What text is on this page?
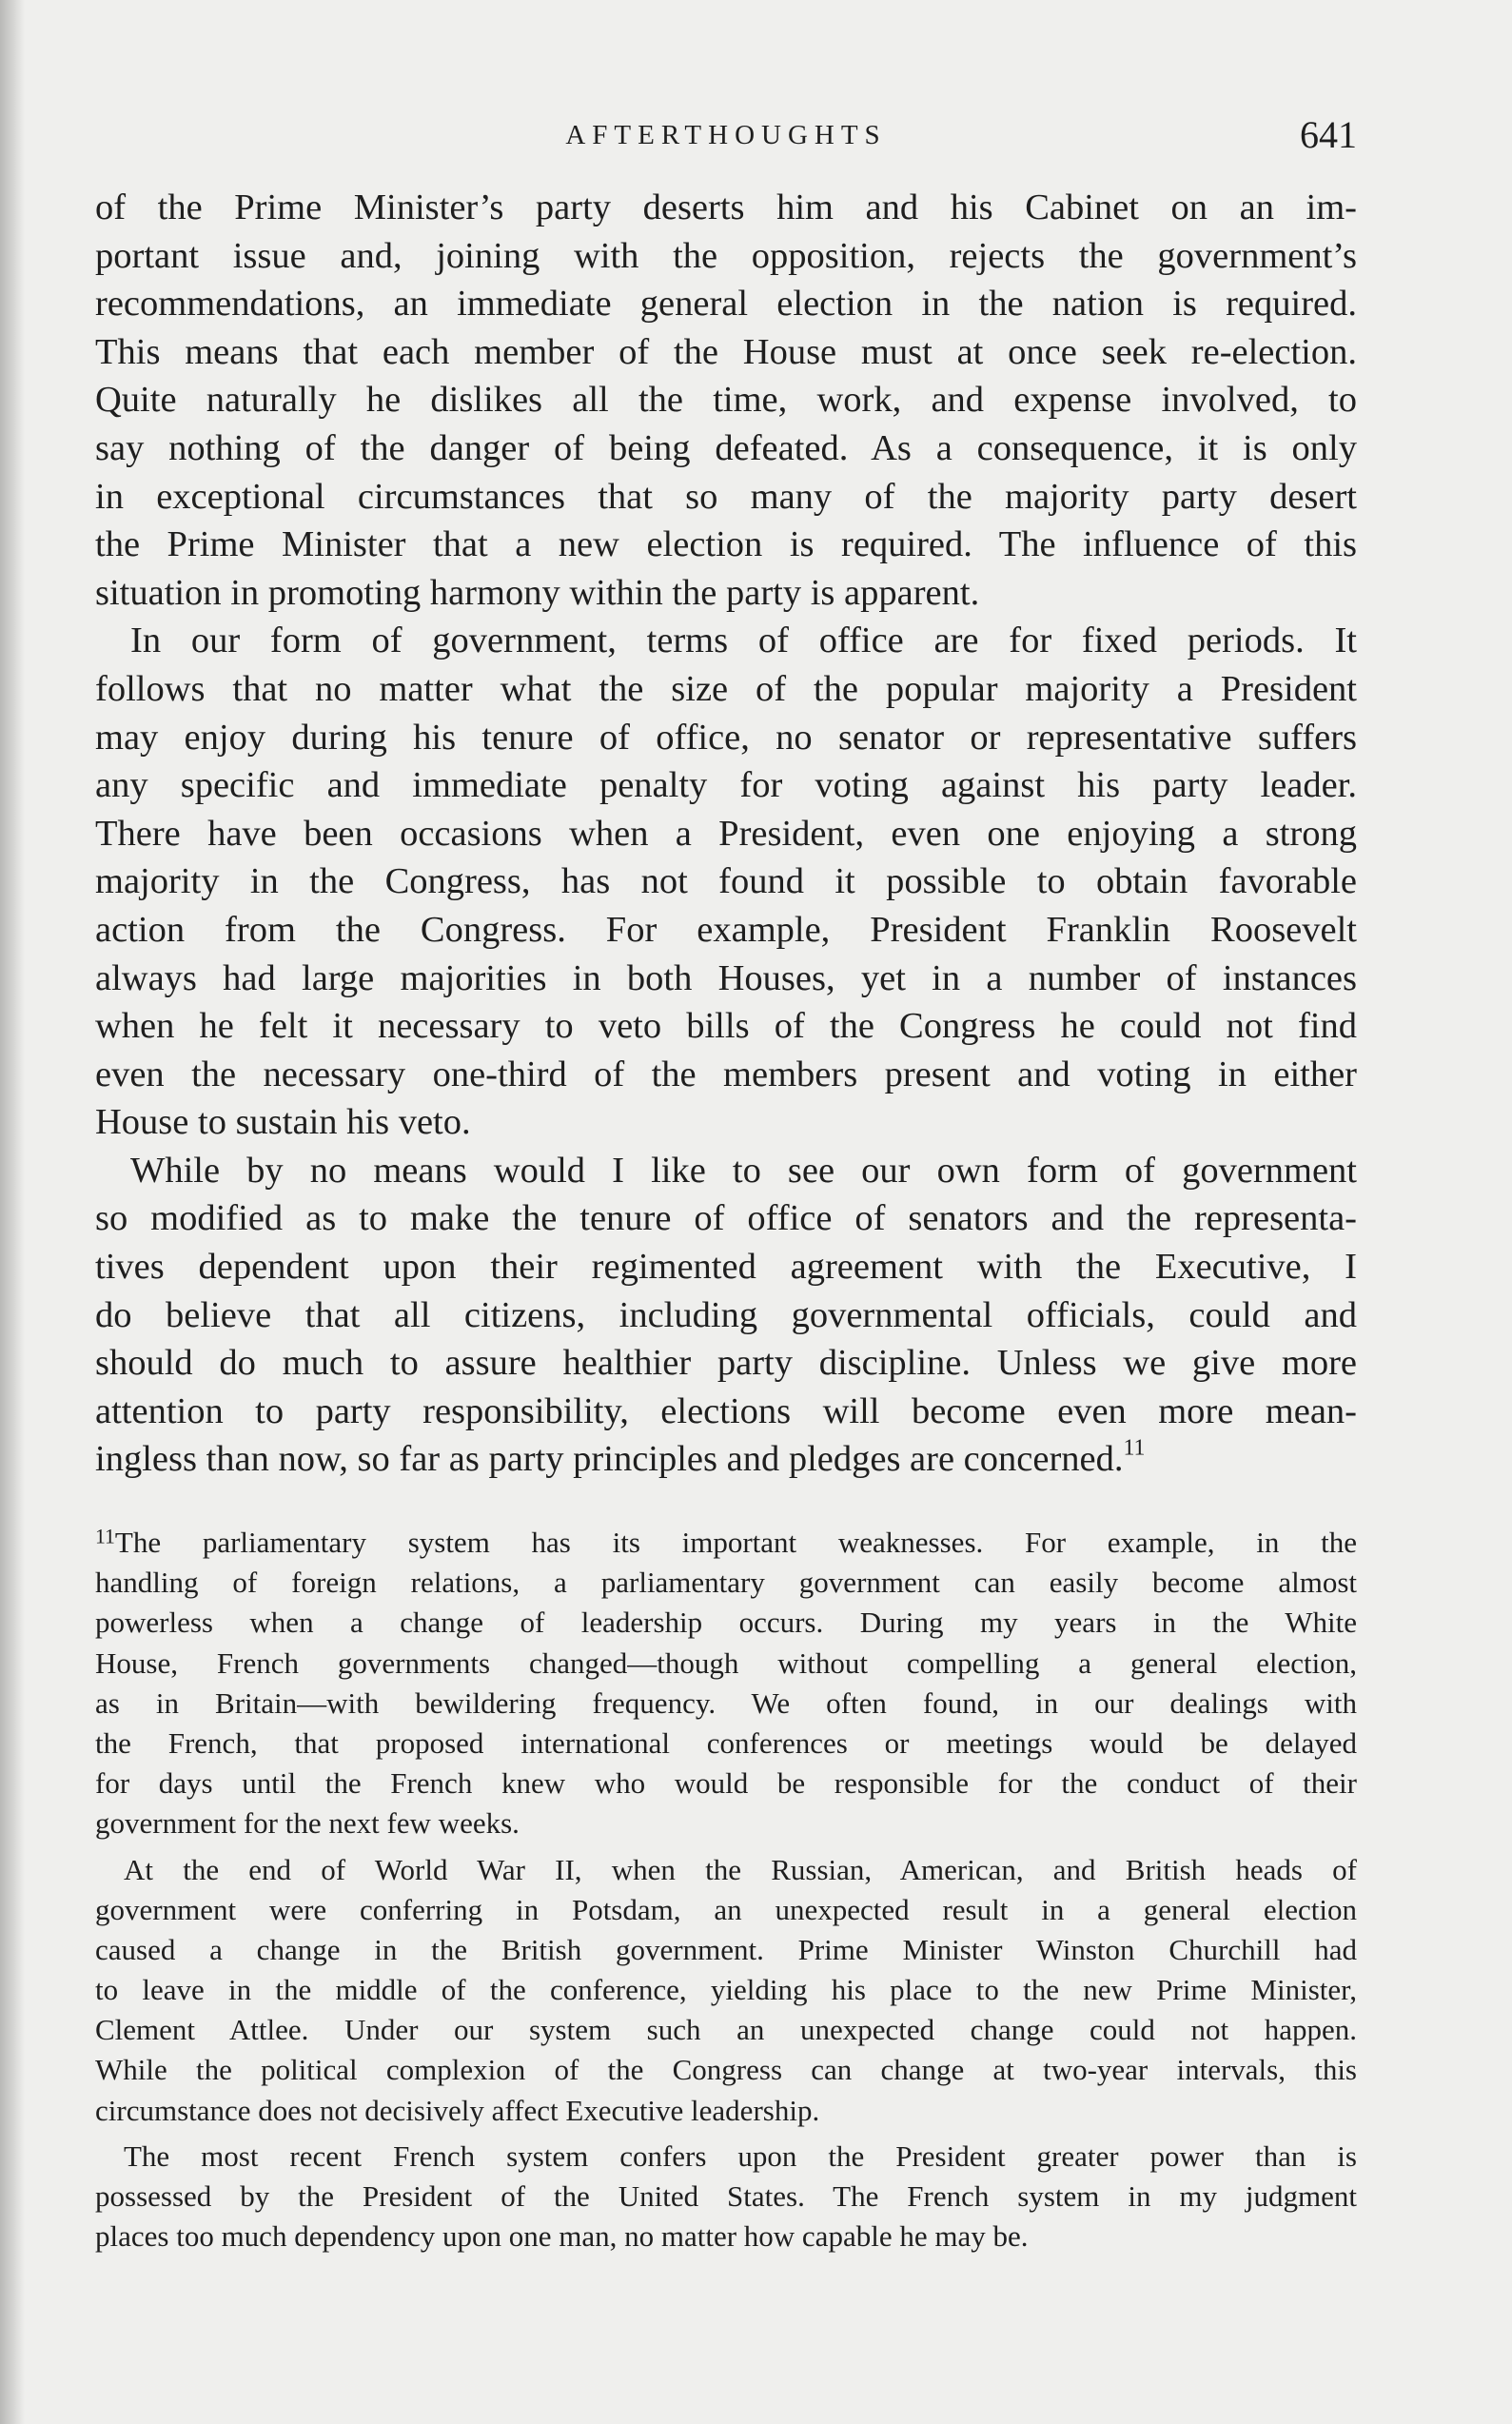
AFTERTHOUGHTS	641
of the Prime Minister’s party deserts him and his Cabinet on an im-
portant issue and, joining with the opposition, rejects the government’s
recommendations, an immediate general election in the nation is required.
This means that each member of the House must at once seek re-election.
Quite naturally he dislikes all the time, work, and expense involved, to
say nothing of the danger of being defeated. As a consequence, it is only
in exceptional circumstances that so many of the majority party desert
the Prime Minister that a new election is required. The influence of this
situation in promoting harmony within the party is apparent.
In our form of government, terms of office are for fixed periods. It
follows that no matter what the size of the popular majority a President
may enjoy during his tenure of office, no senator or representative suffers
any specific and immediate penalty for voting against his party leader.
There have been occasions when a President, even one enjoying a strong
majority in the Congress, has not found it possible to obtain favorable
action from the Congress. For example, President Franklin Roosevelt
always had large majorities in both Houses, yet in a number of instances
when he felt it necessary to veto bills of the Congress he could not find
even the necessary one-third of the members present and voting in either
House to sustain his veto.
While by no means would I like to see our own form of government
so modified as to make the tenure of office of senators and the representa-
tives dependent upon their regimented agreement with the Executive, I
do believe that all citizens, including governmental officials, could and
should do much to assure healthier party discipline. Unless we give more
attention to party responsibility, elections will become even more mean-
ingless than now, so far as party principles and pledges are concerned.$^{11}$
$^{11}$The parliamentary system has its important weaknesses. For example, in the
handling of foreign relations, a parliamentary government can easily become almost
powerless when a change of leadership occurs. During my years in the White
House, French governments changed—though without compelling a general election,
as in Britain—with bewildering frequency. We often found, in our dealings with
the French, that proposed international conferences or meetings would be delayed
for days until the French knew who would be responsible for the conduct of their
government for the next few weeks.
At the end of World War II, when the Russian, American, and British heads of
government were conferring in Potsdam, an unexpected result in a general election
caused a change in the British government. Prime Minister Winston Churchill had
to leave in the middle of the conference, yielding his place to the new Prime Minister,
Clement Attlee. Under our system such an unexpected change could not happen.
While the political complexion of the Congress can change at two-year intervals, this
circumstance does not decisively affect Executive leadership.
The most recent French system confers upon the President greater power than is
possessed by the President of the United States. The French system in my judgment
places too much dependency upon one man, no matter how capable he may be.
